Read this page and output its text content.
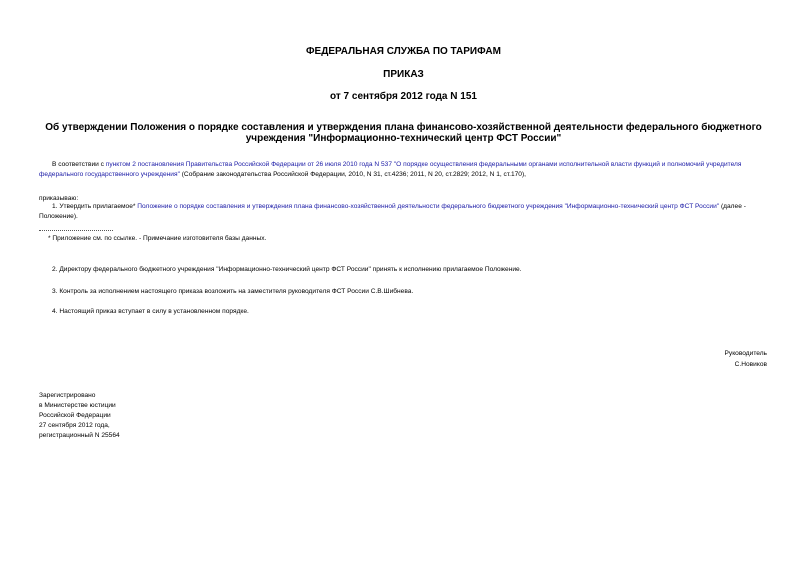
ФЕДЕРАЛЬНАЯ СЛУЖБА ПО ТАРИФАМ
ПРИКАЗ
от 7 сентября 2012 года N 151
Об утверждении Положения о порядке составления и утверждения плана финансово-хозяйственной деятельности федерального бюджетного учреждения "Информационно-технический центр ФСТ России"
В соответствии с пунктом 2 постановления Правительства Российской Федерации от 26 июля 2010 года N 537 "О порядке осуществления федеральными органами исполнительной власти функций и полномочий учредителя федерального государственного учреждения" (Собрание законодательства Российской Федерации, 2010, N 31, ст.4236; 2011, N 20, ст.2829; 2012, N 1, ст.170),
приказываю:
1. Утвердить прилагаемое* Положение о порядке составления и утверждения плана финансово-хозяйственной деятельности федерального бюджетного учреждения "Информационно-технический центр ФСТ России" (далее - Положение).
* Приложение см. по ссылке. - Примечание изготовителя базы данных.
2. Директору федерального бюджетного учреждения "Информационно-технический центр ФСТ России" принять к исполнению прилагаемое Положение.
3. Контроль за исполнением настоящего приказа возложить на заместителя руководителя ФСТ России С.В.Шибнева.
4. Настоящий приказ вступает в силу в установленном порядке.
Руководитель
С.Новиков
Зарегистрировано
в Министерстве юстиции
Российской Федерации
27 сентября 2012 года,
регистрационный N 25564
